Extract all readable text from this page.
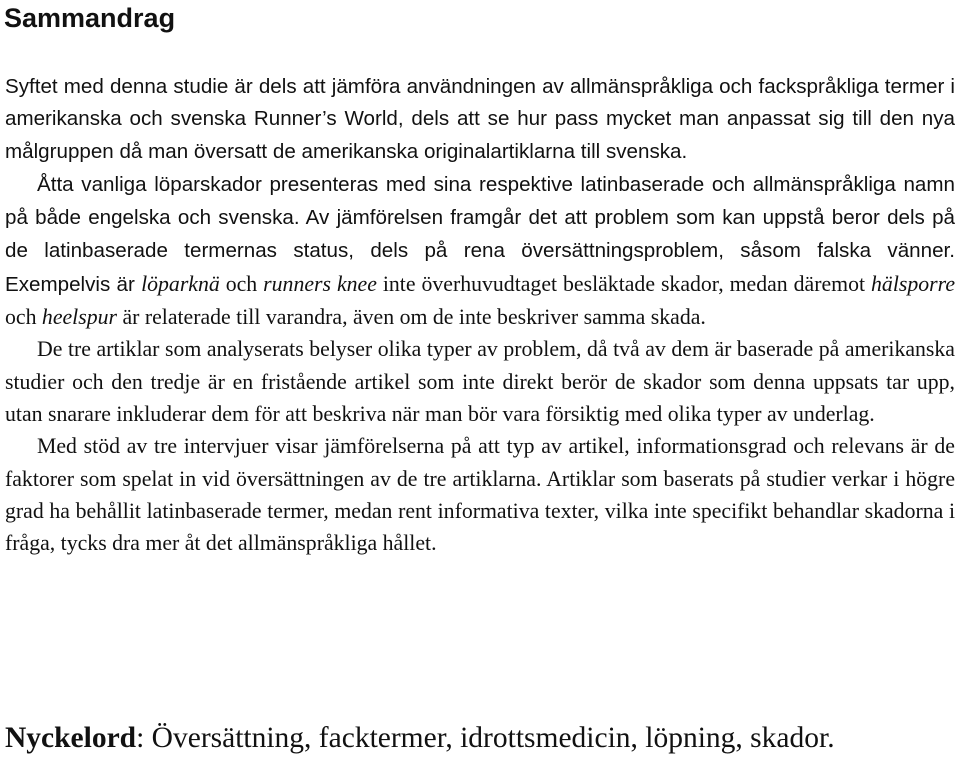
Sammandrag

Syftet med denna studie är dels att jämföra användningen av allmänspråkliga och fackspråkliga termer i amerikanska och svenska Runner’s World, dels att se hur pass mycket man anpassat sig till den nya målgruppen då man översatt de amerikanska originalartiklarna till svenska.

Åtta vanliga löparskador presenteras med sina respektive latinbaserade och allmänspråkliga namn på både engelska och svenska. Av jämförelsen framgår det att problem som kan uppstå beror dels på de latinbaserade termernas status, dels på rena översättningsproblem, såsom falska vänner. Exempelvis är löparknä och runners knee inte överhuvudtaget besläktade skador, medan däremot hälsporre och heelspur är relaterade till varandra, även om de inte beskriver samma skada.

De tre artiklar som analyserats belyser olika typer av problem, då två av dem är baserade på amerikanska studier och den tredje är en fristående artikel som inte direkt berör de skador som denna uppsats tar upp, utan snarare inkluderar dem för att beskriva när man bör vara försiktig med olika typer av underlag.

Med stöd av tre intervjuer visar jämförelserna på att typ av artikel, informationsgrad och relevans är de faktorer som spelat in vid översättningen av de tre artiklarna. Artiklar som baserats på studier verkar i högre grad ha behållit latinbaserade termer, medan rent informativa texter, vilka inte specifikt behandlar skadorna i fråga, tycks dra mer åt det allmänspråkliga hållet.

Nyckelord: Översättning, facktermer, idrottsmedicin, löpning, skador.
